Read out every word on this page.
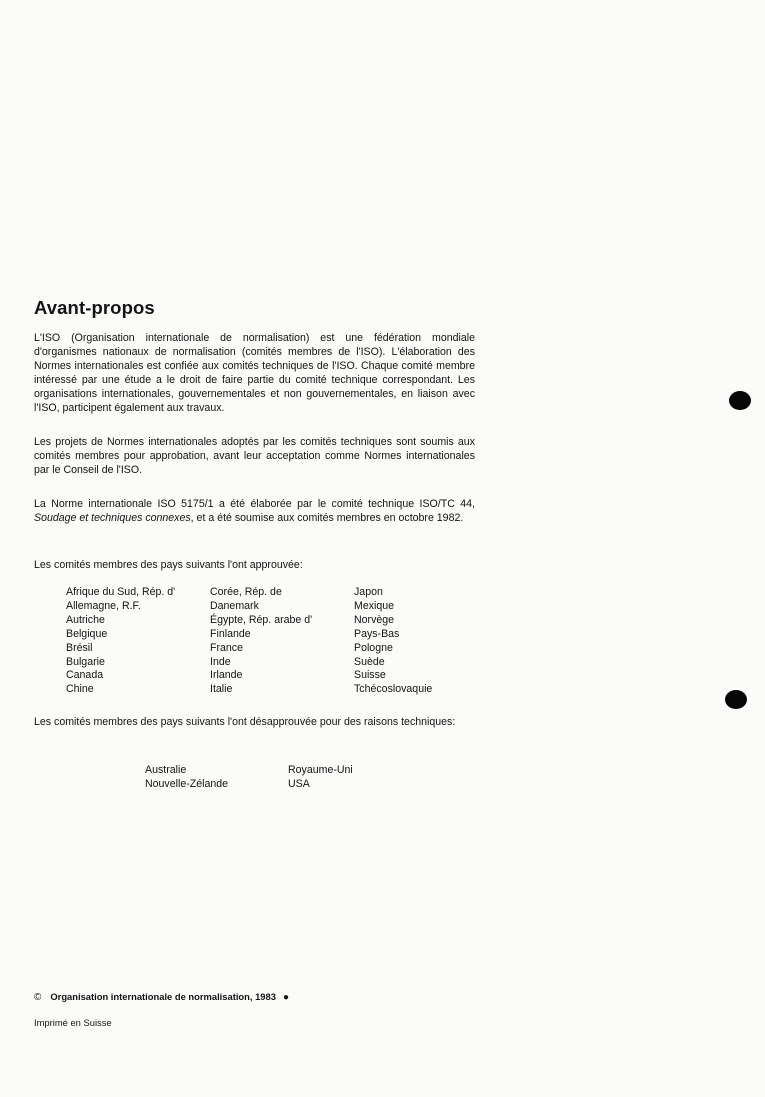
Avant-propos

L'ISO (Organisation internationale de normalisation) est une fédération mondiale d'organismes nationaux de normalisation (comités membres de l'ISO). L'élaboration des Normes internationales est confiée aux comités techniques de l'ISO. Chaque comité membre intéressé par une étude a le droit de faire partie du comité technique correspondant. Les organisations internationales, gouvernementales et non gouvernementales, en liaison avec l'ISO, participent également aux travaux.

Les projets de Normes internationales adoptés par les comités techniques sont soumis aux comités membres pour approbation, avant leur acceptation comme Normes internationales par le Conseil de l'ISO.

La Norme internationale ISO 5175/1 a été élaborée par le comité technique ISO/TC 44, Soudage et techniques connexes, et a été soumise aux comités membres en octobre 1982.

Les comités membres des pays suivants l'ont approuvée:

Afrique du Sud, Rép. d'
Allemagne, R.F.
Autriche
Belgique
Brésil
Bulgarie
Canada
Chine
Corée, Rép. de
Danemark
Égypte, Rép. arabe d'
Finlande
France
Inde
Irlande
Italie
Japon
Mexique
Norvège
Pays-Bas
Pologne
Suède
Suisse
Tchécoslovaquie

Les comités membres des pays suivants l'ont désapprouvée pour des raisons techniques:

Australie
Nouvelle-Zélande
Royaume-Uni
USA
© Organisation internationale de normalisation, 1983 ●
Imprimé en Suisse
